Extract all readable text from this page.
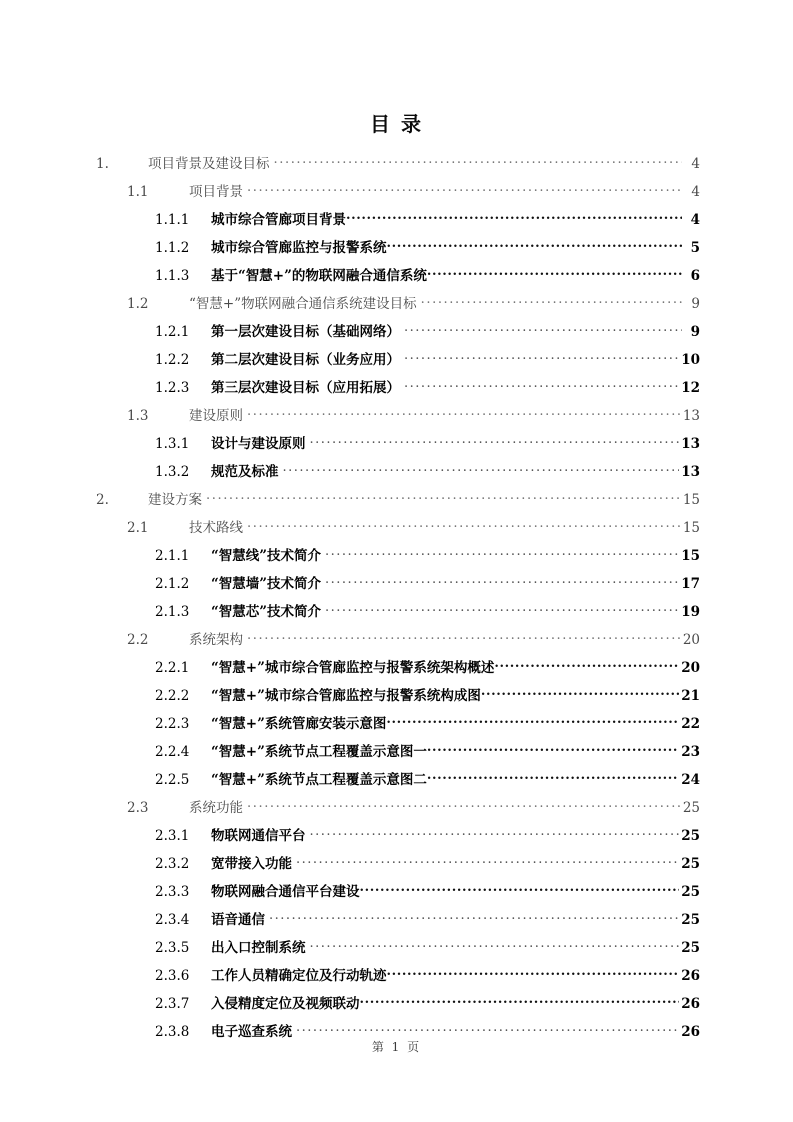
目 录
1.	项目背景及建设目标 .....	4
1.1	项目背景 .....	4
1.1.1	城市综合管廊项目背景 .....	4
1.1.2	城市综合管廊监控与报警系统 .....	5
1.1.3	基于“智慧+”的物联网融合通信系统 .....	6
1.2	“智慧+”物联网融合通信系统建设目标 .....	9
1.2.1	第一层次建设目标（基础网络） .....	9
1.2.2	第二层次建设目标（业务应用） .....	10
1.2.3	第三层次建设目标（应用拓展） .....	12
1.3	建设原则 .....	13
1.3.1	设计与建设原则 .....	13
1.3.2	规范及标准 .....	13
2.	建设方案 .....	15
2.1	技术路线 .....	15
2.1.1	“智慧线”技术简介 .....	15
2.1.2	“智慧墙”技术简介 .....	17
2.1.3	“智慧芯”技术简介 .....	19
2.2	系统架构 .....	20
2.2.1	“智慧+”城市综合管廊监控与报警系统架构概述 .....	20
2.2.2	“智慧+”城市综合管廊监控与报警系统构成图 .....	21
2.2.3	“智慧+”系统管廊安装示意图 .....	22
2.2.4	“智慧+”系统节点工程覆盖示意图一 .....	23
2.2.5	“智慧+”系统节点工程覆盖示意图二 .....	24
2.3	系统功能 .....	25
2.3.1	物联网通信平台 .....	25
2.3.2	宽带接入功能 .....	25
2.3.3	物联网融合通信平台建设 .....	25
2.3.4	语音通信 .....	25
2.3.5	出入口控制系统 .....	25
2.3.6	工作人员精确定位及行动轨迹 .....	26
2.3.7	入侵精度定位及视频联动 .....	26
2.3.8	电子巡查系统 .....	26
第 1 页
